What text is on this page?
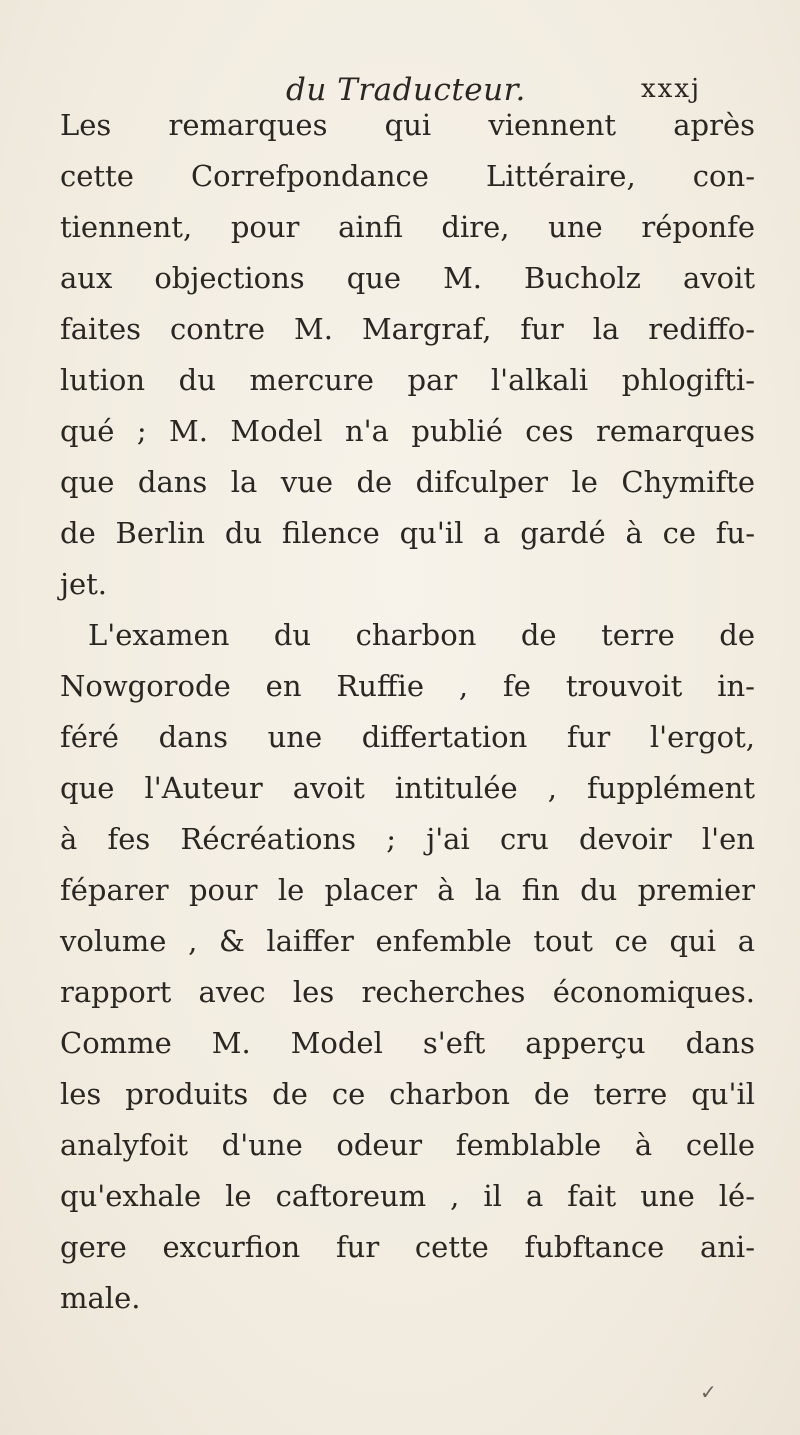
du Traducteur.	xxxj
Les remarques qui viennent après
cette Correfpondance Littéraire, con-
tiennent, pour ainfi dire, une réponfe
aux objections que M. Bucholz avoit
faites contre M. Margraf, fur la rediffo-
lution du mercure par l'alkali phlogifti-
qué ; M. Model n'a publié ces remarques
que dans la vue de difculper le Chymifte
de Berlin du filence qu'il a gardé à ce fu-
jet.
L'examen du charbon de terre de
Nowgorode en Ruffie , fe trouvoit in-
féré dans une differtation fur l'ergot,
que l'Auteur avoit intitulée , fupplément
à fes Récréations ; j'ai cru devoir l'en
féparer pour le placer à la fin du premier
volume , & laiffer enfemble tout ce qui a
rapport avec les recherches économiques.
Comme M. Model s'eft apperçu dans
les produits de ce charbon de terre qu'il
analyfoit d'une odeur femblable à celle
qu'exhale le caftoreum , il a fait une lé-
gere excurfion fur cette fubftance ani-
male.
✓
